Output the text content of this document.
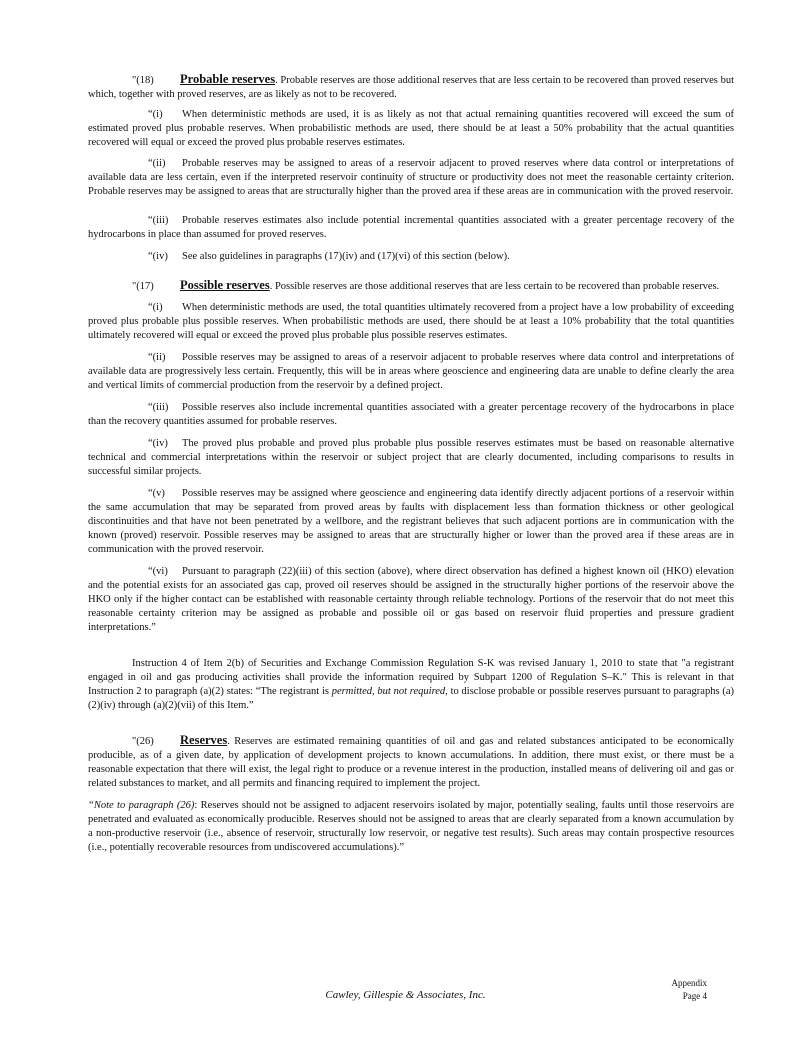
"(18) Probable reserves. Probable reserves are those additional reserves that are less certain to be recovered than proved reserves but which, together with proved reserves, are as likely as not to be recovered.

“(i) When deterministic methods are used, it is as likely as not that actual remaining quantities recovered will exceed the sum of estimated proved plus probable reserves. When probabilistic methods are used, there should be at least a 50% probability that the actual quantities recovered will equal or exceed the proved plus probable reserves estimates.

“(ii) Probable reserves may be assigned to areas of a reservoir adjacent to proved reserves where data control or interpretations of available data are less certain, even if the interpreted reservoir continuity of structure or productivity does not meet the reasonable certainty criterion. Probable reserves may be assigned to areas that are structurally higher than the proved area if these areas are in communication with the proved reservoir.

“(iii) Probable reserves estimates also include potential incremental quantities associated with a greater percentage recovery of the hydrocarbons in place than assumed for proved reserves.

“(iv) See also guidelines in paragraphs (17)(iv) and (17)(vi) of this section (below).

"(17) Possible reserves. Possible reserves are those additional reserves that are less certain to be recovered than probable reserves.

“(i) When deterministic methods are used, the total quantities ultimately recovered from a project have a low probability of exceeding proved plus probable plus possible reserves. When probabilistic methods are used, there should be at least a 10% probability that the total quantities ultimately recovered will equal or exceed the proved plus probable plus possible reserves estimates.

“(ii) Possible reserves may be assigned to areas of a reservoir adjacent to probable reserves where data control and interpretations of available data are progressively less certain. Frequently, this will be in areas where geoscience and engineering data are unable to define clearly the area and vertical limits of commercial production from the reservoir by a defined project.

“(iii) Possible reserves also include incremental quantities associated with a greater percentage recovery of the hydrocarbons in place than the recovery quantities assumed for probable reserves.

“(iv) The proved plus probable and proved plus probable plus possible reserves estimates must be based on reasonable alternative technical and commercial interpretations within the reservoir or subject project that are clearly documented, including comparisons to results in successful similar projects.

“(v) Possible reserves may be assigned where geoscience and engineering data identify directly adjacent portions of a reservoir within the same accumulation that may be separated from proved areas by faults with displacement less than formation thickness or other geological discontinuities and that have not been penetrated by a wellbore, and the registrant believes that such adjacent portions are in communication with the known (proved) reservoir. Possible reserves may be assigned to areas that are structurally higher or lower than the proved area if these areas are in communication with the proved reservoir.

“(vi) Pursuant to paragraph (22)(iii) of this section (above), where direct observation has defined a highest known oil (HKO) elevation and the potential exists for an associated gas cap, proved oil reserves should be assigned in the structurally higher portions of the reservoir above the HKO only if the higher contact can be established with reasonable certainty through reliable technology. Portions of the reservoir that do not meet this reasonable certainty criterion may be assigned as probable and possible oil or gas based on reservoir fluid properties and pressure gradient interpretations.”

Instruction 4 of Item 2(b) of Securities and Exchange Commission Regulation S-K was revised January 1, 2010 to state that "a registrant engaged in oil and gas producing activities shall provide the information required by Subpart 1200 of Regulation S–K." This is relevant in that Instruction 2 to paragraph (a)(2) states: “The registrant is permitted, but not required, to disclose probable or possible reserves pursuant to paragraphs (a)(2)(iv) through (a)(2)(vii) of this Item.”

"(26) Reserves. Reserves are estimated remaining quantities of oil and gas and related substances anticipated to be economically producible, as of a given date, by application of development projects to known accumulations. In addition, there must exist, or there must be a reasonable expectation that there will exist, the legal right to produce or a revenue interest in the production, installed means of delivering oil and gas or related substances to market, and all permits and financing required to implement the project.

“Note to paragraph (26): Reserves should not be assigned to adjacent reservoirs isolated by major, potentially sealing, faults until those reservoirs are penetrated and evaluated as economically producible. Reserves should not be assigned to areas that are clearly separated from a known accumulation by a non-productive reservoir (i.e., absence of reservoir, structurally low reservoir, or negative test results). Such areas may contain prospective resources (i.e., potentially recoverable resources from undiscovered accumulations).”

Cawley, Gillespie & Associates, Inc.
Appendix
Page 4
